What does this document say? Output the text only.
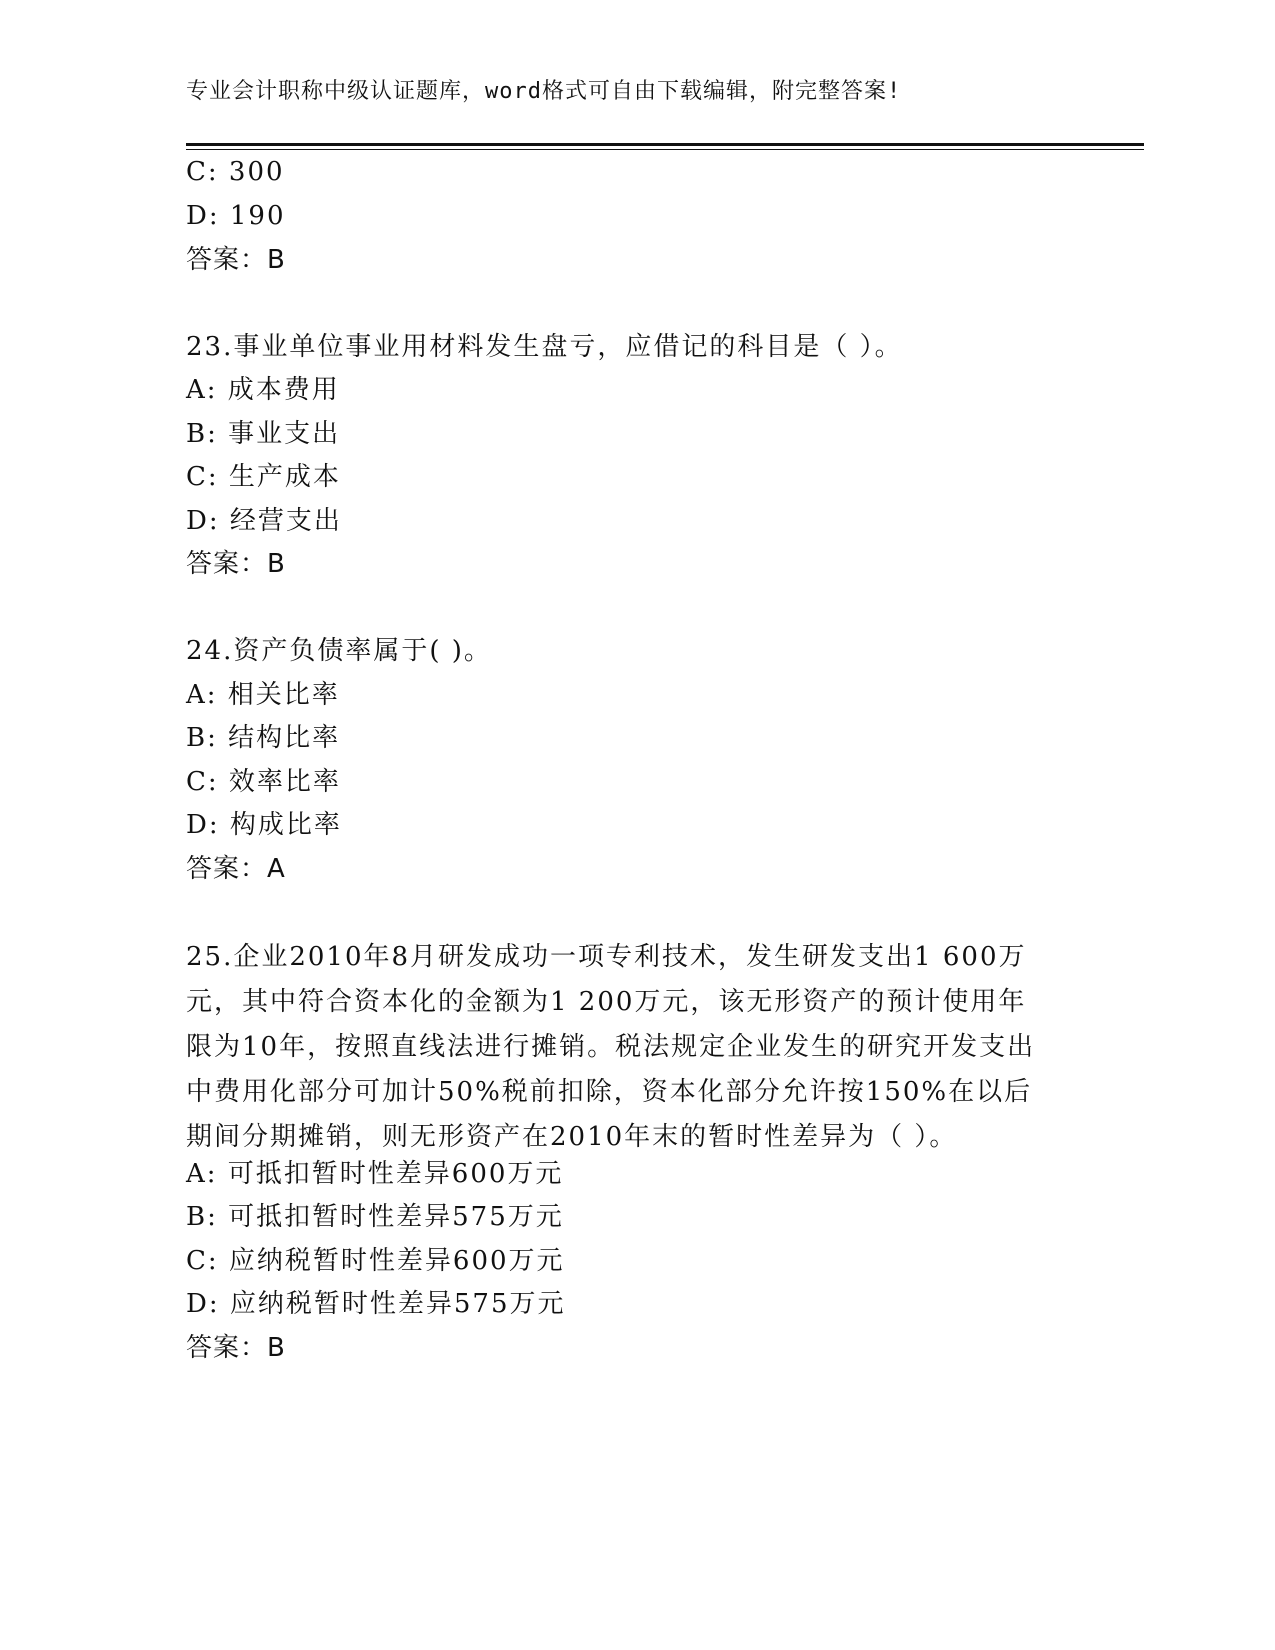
专业会计职称中级认证题库，word格式可自由下载编辑，附完整答案!
C: 300
D: 190
答案：B
23.事业单位事业用材料发生盘亏，应借记的科目是（ ）。
A: 成本费用
B: 事业支出
C: 生产成本
D: 经营支出
答案：B
24.资产负债率属于( )。
A: 相关比率
B: 结构比率
C: 效率比率
D: 构成比率
答案：A
25.企业2010年8月研发成功一项专利技术，发生研发支出1 600万
元，其中符合资本化的金额为1 200万元，该无形资产的预计使用年
限为10年，按照直线法进行摊销。税法规定企业发生的研究开发支出
中费用化部分可加计50%税前扣除，资本化部分允许按150%在以后
期间分期摊销，则无形资产在2010年末的暂时性差异为（ ）。
A: 可抵扣暂时性差异600万元
B: 可抵扣暂时性差异575万元
C: 应纳税暂时性差异600万元
D: 应纳税暂时性差异575万元
答案：B
